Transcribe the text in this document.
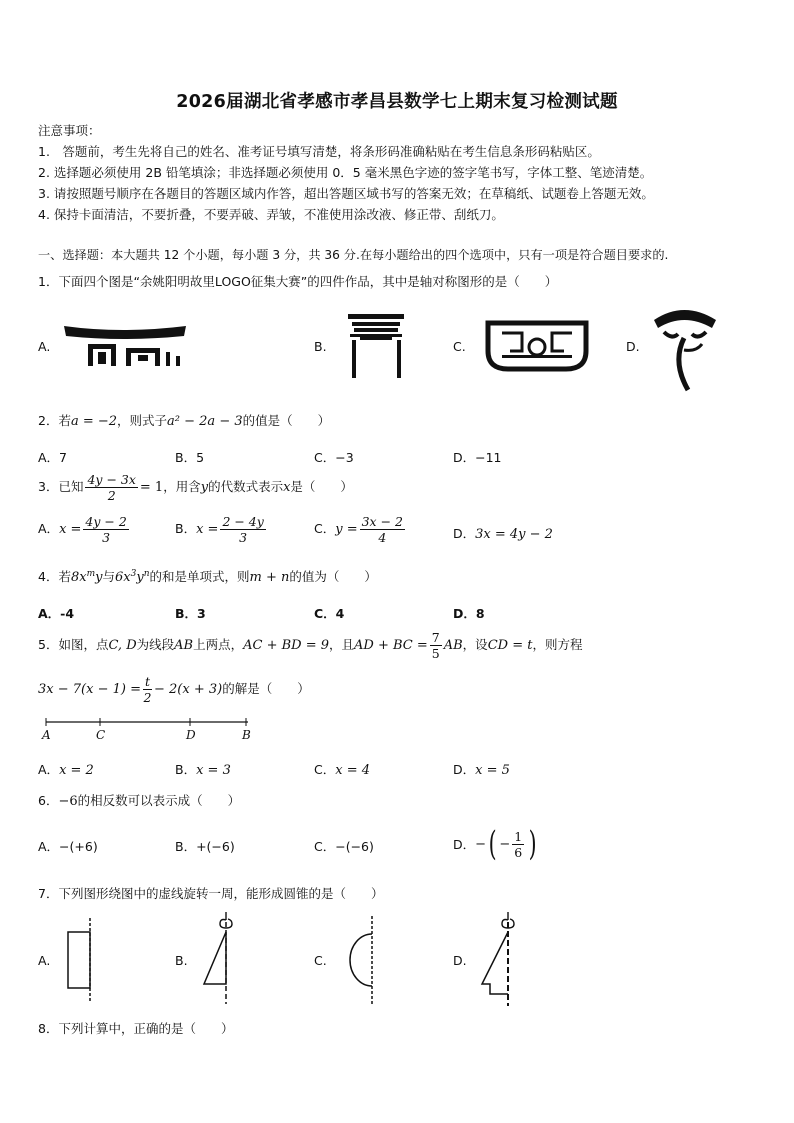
2026届湖北省孝感市孝昌县数学七上期末复习检测试题
注意事项：
1.　答题前，考生先将自己的姓名、准考证号填写清楚，将条形码准确粘贴在考生信息条形码粘贴区。
2. 选择题必须使用 2B 铅笔填涂；非选择题必须使用 0．5 毫米黑色字迹的签字笔书写，字体工整、笔迹清楚。
3. 请按照题号顺序在各题目的答题区域内作答，超出答题区域书写的答案无效；在草稿纸、试题卷上答题无效。
4. 保持卡面清洁，不要折叠，不要弄破、弄皱，不准使用涂改液、修正带、刮纸刀。
一、选择题：本大题共 12 个小题，每小题 3 分，共 36 分.在每小题给出的四个选项中，只有一项是符合题目要求的.
1．下面四个图是“余姚阳明故里LOGO征集大赛”的四件作品，其中是轴对称图形的是（　　）
A.	B.	C.	D.
2．若a = −2，则式子a² − 2a − 3的值是（　　）
A．7	B．5	C．−3	D．−11
3．已知 $\frac{4y - 3x}{2} = 1$，用含y的代数式表示x是（　　）
A．$x = \frac{4y - 2}{3}$	B．$x = \frac{2 - 4y}{3}$	C．$y = \frac{3x - 2}{4}$	D．3x = 4y − 2
4．若$8x^my$与$6x^3y^n$的和是单项式，则m + n的值为（　　）
A．-4	B．3	C．4	D．8
5．如图，点C, D为线段AB上两点，AC + BD = 9，且AD + BC = $\frac{7}{5}$ AB，设CD = t，则方程
$3x - 7(x - 1) = \frac{t}{2} - 2(x + 3)$的解是（　　）
A	C	D	B
A．x = 2	B．x = 3	C．x = 4	D．x = 5
6．−6的相反数可以表示成（　　）
A．−(+6)	B．+(−6)	C．−(−6)	D．−( − $\frac{1}{6}$ )
7．下列图形绕图中的虚线旋转一周，能形成圆锥的是（　　）
A.	B.	C.	D.
8．下列计算中，正确的是（　　）
